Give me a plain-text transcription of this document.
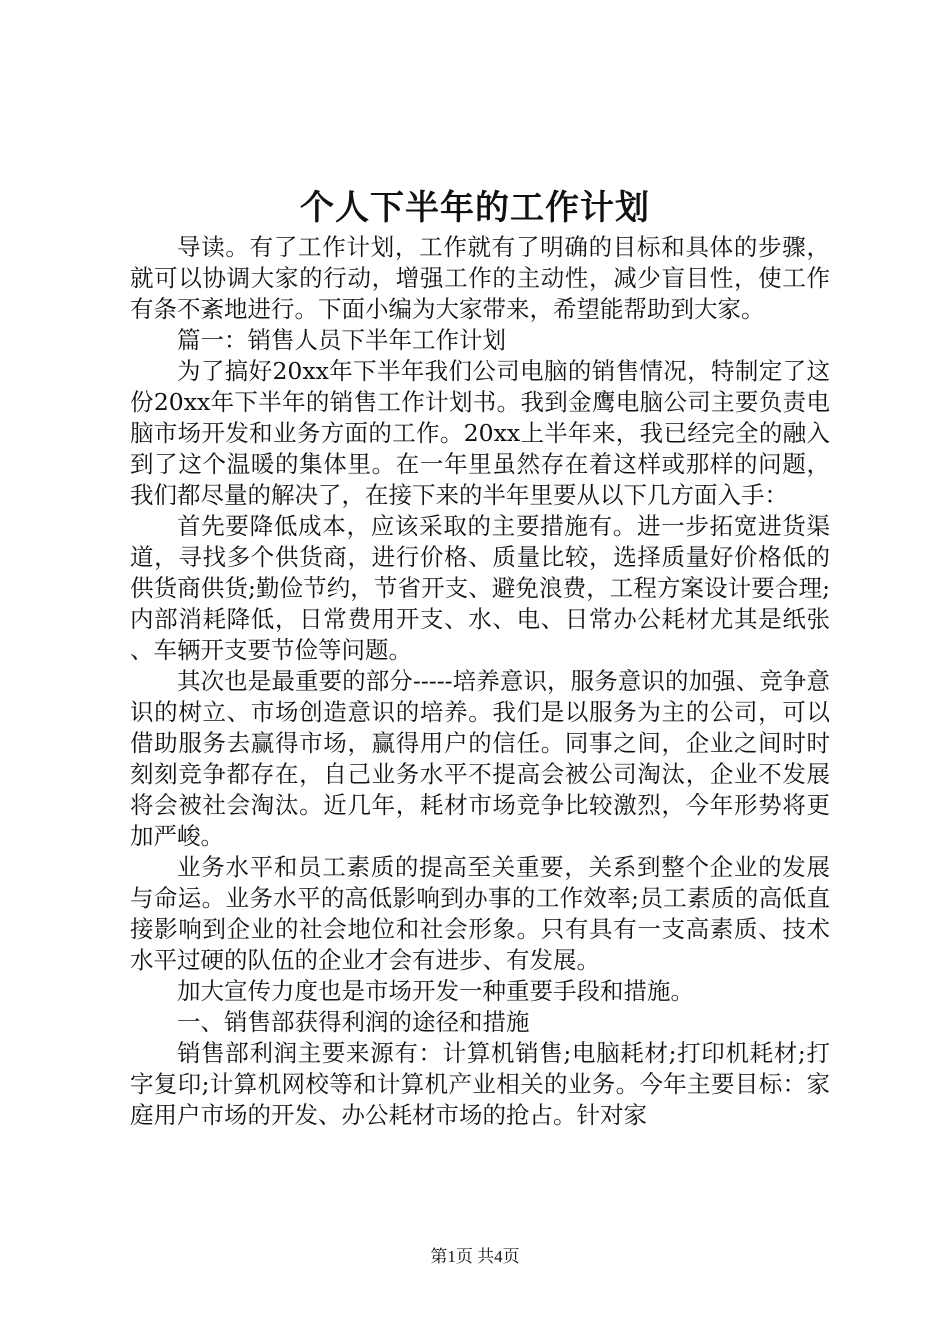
个人下半年的工作计划

导读。有了工作计划，工作就有了明确的目标和具体的步骤，就可以协调大家的行动，增强工作的主动性，减少盲目性，使工作有条不紊地进行。下面小编为大家带来，希望能帮助到大家。

篇一：销售人员下半年工作计划

为了搞好20xx年下半年我们公司电脑的销售情况，特制定了这份20xx年下半年的销售工作计划书。我到金鹰电脑公司主要负责电脑市场开发和业务方面的工作。20xx上半年来，我已经完全的融入到了这个温暖的集体里。在一年里虽然存在着这样或那样的问题，我们都尽量的解决了，在接下来的半年里要从以下几方面入手：

首先要降低成本，应该采取的主要措施有。进一步拓宽进货渠道，寻找多个供货商，进行价格、质量比较，选择质量好价格低的供货商供货;勤俭节约，节省开支、避免浪费，工程方案设计要合理;内部消耗降低，日常费用开支、水、电、日常办公耗材尤其是纸张、车辆开支要节俭等问题。

其次也是最重要的部分-----培养意识，服务意识的加强、竞争意识的树立、市场创造意识的培养。我们是以服务为主的公司，可以借助服务去赢得市场，赢得用户的信任。同事之间，企业之间时时刻刻竞争都存在，自己业务水平不提高会被公司淘汰，企业不发展将会被社会淘汰。近几年，耗材市场竞争比较激烈，今年形势将更加严峻。

业务水平和员工素质的提高至关重要，关系到整个企业的发展与命运。业务水平的高低影响到办事的工作效率;员工素质的高低直接影响到企业的社会地位和社会形象。只有具有一支高素质、技术水平过硬的队伍的企业才会有进步、有发展。

加大宣传力度也是市场开发一种重要手段和措施。

一、销售部获得利润的途径和措施

销售部利润主要来源有：计算机销售;电脑耗材;打印机耗材;打字复印;计算机网校等和计算机产业相关的业务。今年主要目标：家庭用户市场的开发、办公耗材市场的抢占。针对家

第1页 共4页
